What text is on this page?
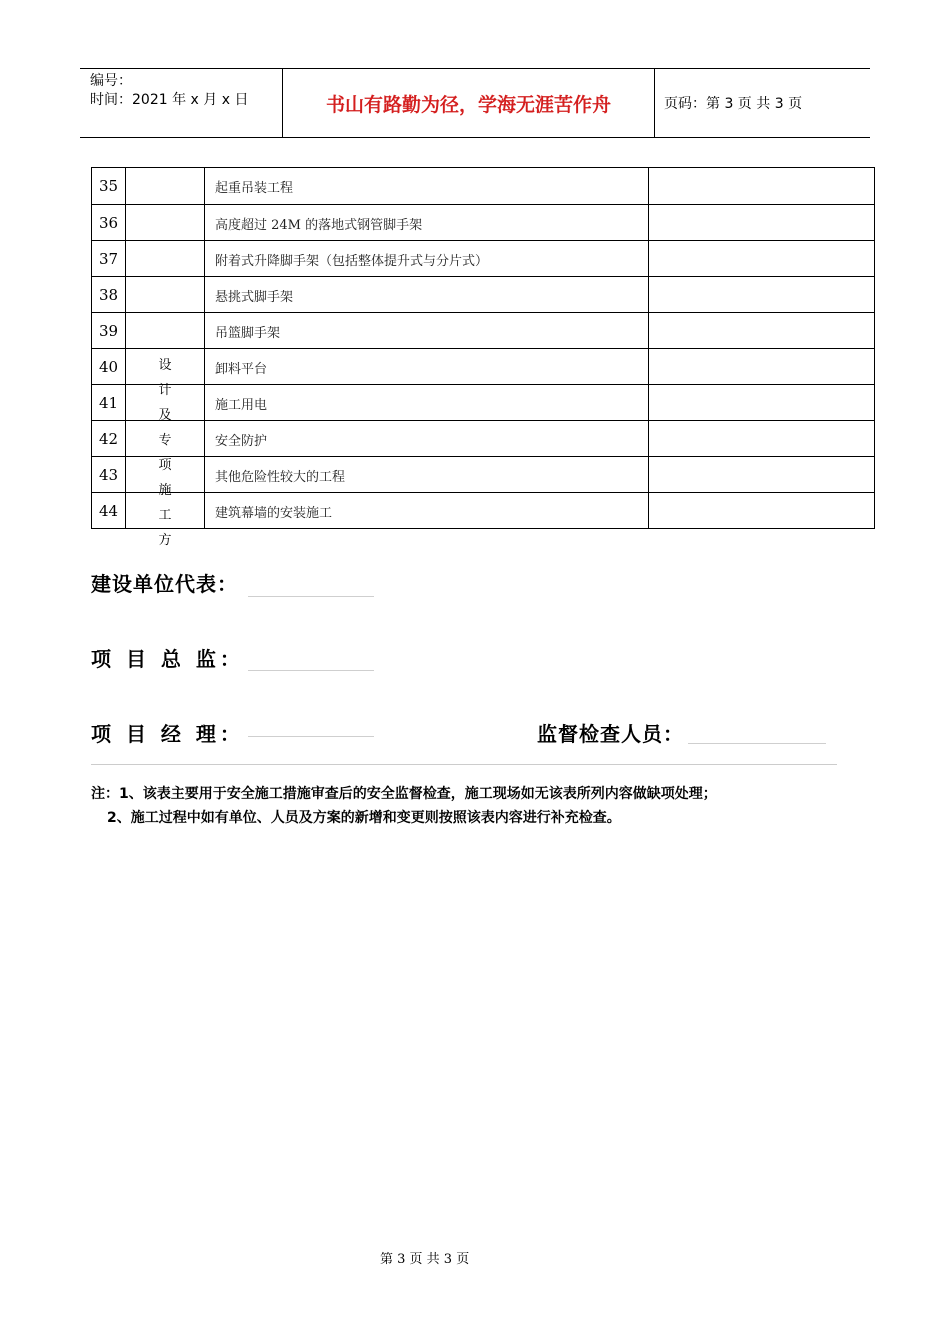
编号：
时间：2021 年 x 月 x 日	书山有路勤为径，学海无涯苦作舟	页码：第 3 页 共 3 页
设
计
及
专
项
施
工
方
35	起重吊装工程
36	高度超过 24M 的落地式钢管脚手架
37	附着式升降脚手架（包括整体提升式与分片式）
38	悬挑式脚手架
39	吊篮脚手架
40	卸料平台
41	施工用电
42	安全防护
43	其他危险性较大的工程
44	建筑幕墙的安装施工
建设单位代表：
项 目 总 监：
项 目 经 理：	监督检查人员：
注：1、该表主要用于安全施工措施审查后的安全监督检查，施工现场如无该表所列内容做缺项处理；
2、施工过程中如有单位、人员及方案的新增和变更则按照该表内容进行补充检查。
第 3 页 共 3 页
